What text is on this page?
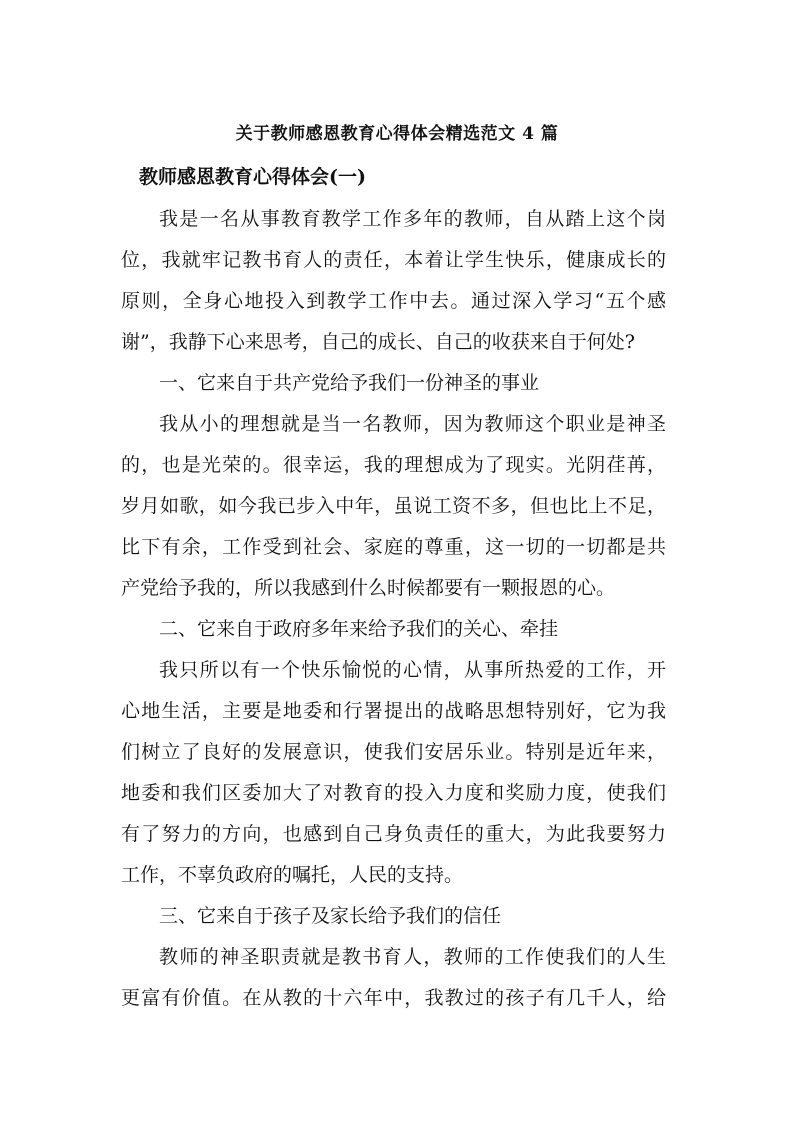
关于教师感恩教育心得体会精选范文 4 篇
教师感恩教育心得体会(一)
我是一名从事教育教学工作多年的教师，自从踏上这个岗
位，我就牢记教书育人的责任，本着让学生快乐，健康成长的
原则，全身心地投入到教学工作中去。通过深入学习“五个感
谢”，我静下心来思考，自己的成长、自己的收获来自于何处?
一、它来自于共产党给予我们一份神圣的事业
我从小的理想就是当一名教师，因为教师这个职业是神圣
的，也是光荣的。很幸运，我的理想成为了现实。光阴荏苒，
岁月如歌，如今我已步入中年，虽说工资不多，但也比上不足，
比下有余，工作受到社会、家庭的尊重，这一切的一切都是共
产党给予我的，所以我感到什么时候都要有一颗报恩的心。
二、它来自于政府多年来给予我们的关心、牵挂
我只所以有一个快乐愉悦的心情，从事所热爱的工作，开
心地生活，主要是地委和行署提出的战略思想特别好，它为我
们树立了良好的发展意识，使我们安居乐业。特别是近年来，
地委和我们区委加大了对教育的投入力度和奖励力度，使我们
有了努力的方向，也感到自己身负责任的重大，为此我要努力
工作，不辜负政府的嘱托，人民的支持。
三、它来自于孩子及家长给予我们的信任
教师的神圣职责就是教书育人，教师的工作使我们的人生
更富有价值。在从教的十六年中，我教过的孩子有几千人，给
